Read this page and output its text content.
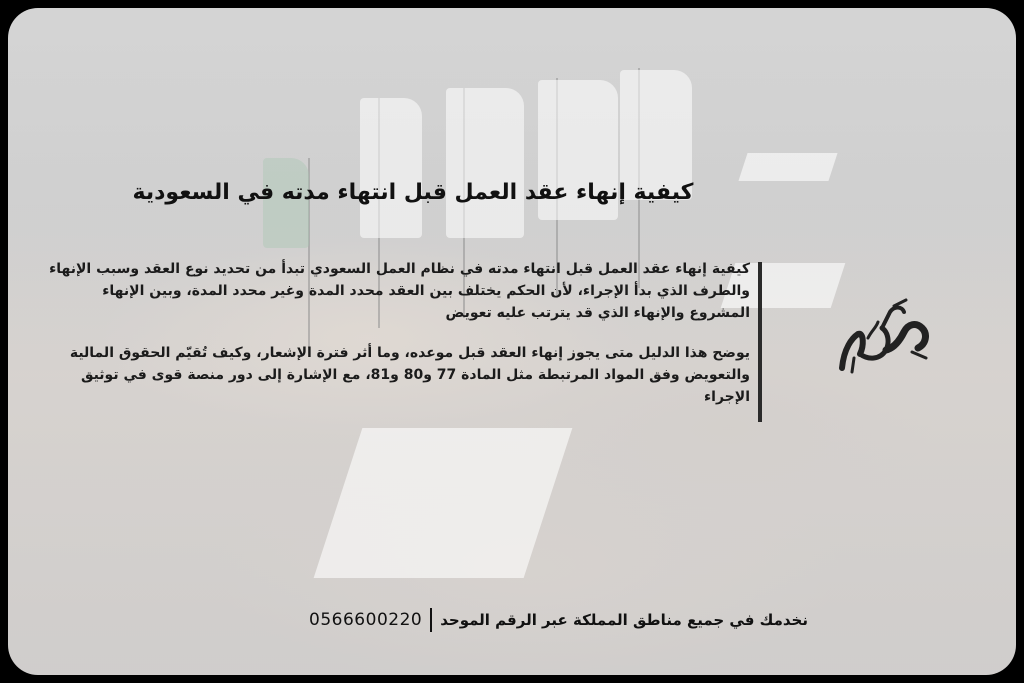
كيفية إنهاء عقد العمل قبل انتهاء مدته في السعودية

كيفية إنهاء عقد العمل قبل انتهاء مدته في نظام العمل السعودي تبدأ من تحديد نوع العقد وسبب الإنهاء والطرف الذي بدأ الإجراء، لأن الحكم يختلف بين العقد محدد المدة وغير محدد المدة، وبين الإنهاء المشروع والإنهاء الذي قد يترتب عليه تعويض

يوضح هذا الدليل متى يجوز إنهاء العقد قبل موعده، وما أثر فترة الإشعار، وكيف تُقيّم الحقوق المالية والتعويض وفق المواد المرتبطة مثل المادة 77 و80 و81، مع الإشارة إلى دور منصة قوى في توثيق الإجراء

نخدمك في جميع مناطق المملكة عبر الرقم الموحد
0566600220
